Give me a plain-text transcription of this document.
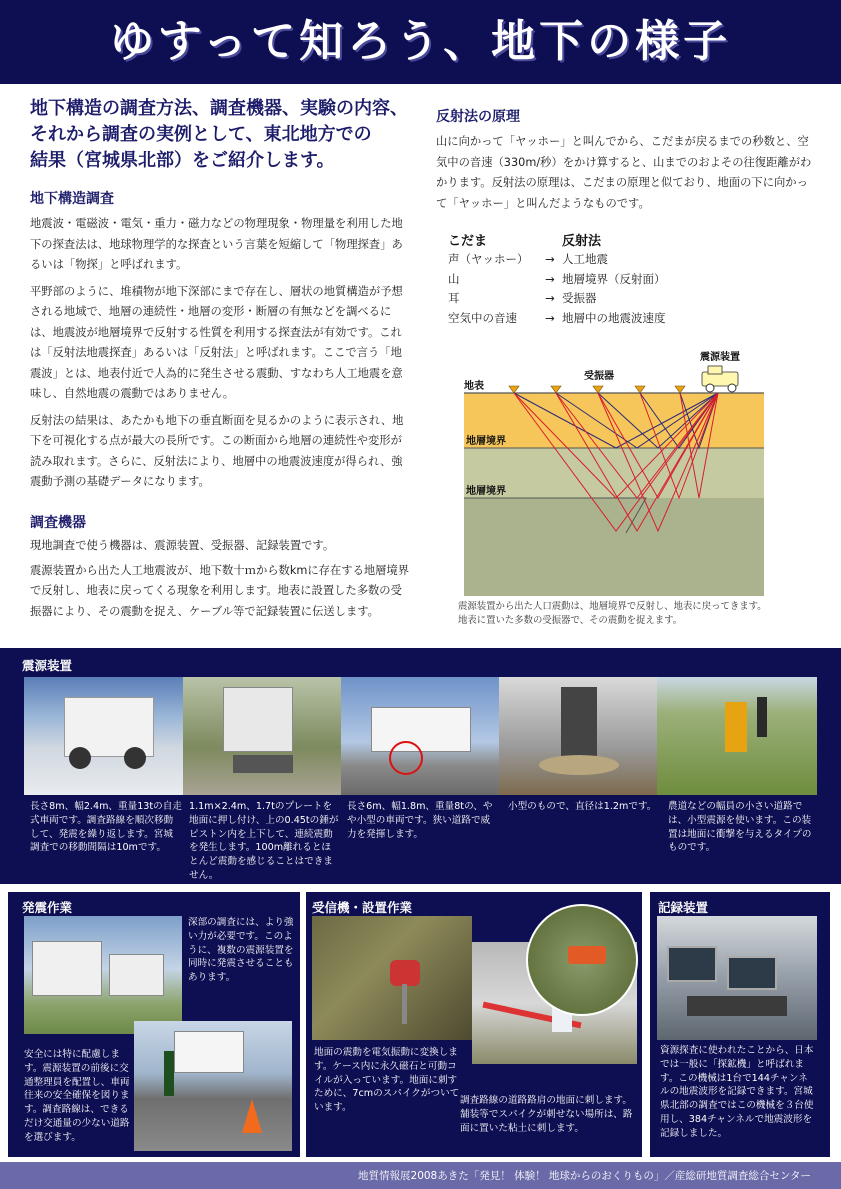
ゆすって知ろう、地下の様子
地下構造の調査方法、調査機器、実験の内容、
それから調査の実例として、東北地方での
結果（宮城県北部）をご紹介します。
地下構造調査

地震波・電磁波・電気・重力・磁力などの物理現象・物理量を利用した地下の探査法は、地球物理学的な探査という言葉を短縮して「物理探査」あるいは「物探」と呼ばれます。

平野部のように、堆積物が地下深部にまで存在し、層状の地質構造が予想される地域で、地層の連続性・地層の変形・断層の有無などを調べるには、地震波が地層境界で反射する性質を利用する探査法が有効です。これは「反射法地震探査」あるいは「反射法」と呼ばれます。ここで言う「地震波」とは、地表付近で人為的に発生させる震動、すなわち人工地震を意味し、自然地震の震動ではありません。

反射法の結果は、あたかも地下の垂直断面を見るかのように表示され、地下を可視化する点が最大の長所です。この断面から地層の連続性や変形が読み取れます。さらに、反射法により、地層中の地震波速度が得られ、強震動予測の基礎データになります。

調査機器

現地調査で使う機器は、震源装置、受振器、記録装置です。

震源装置から出た人工地震波が、地下数十ｍから数kmに存在する地層境界で反射し、地表に戻ってくる現象を利用します。地表に設置した多数の受振器により、その震動を捉え、ケーブル等で記録装置に伝送します。

反射法の原理

山に向かって「ヤッホー」と叫んでから、こだまが戻るまでの秒数と、空気中の音速（330m/秒）をかけ算すると、山までのおよその往復距離がわかります。反射法の原理は、こだまの原理と似ており、地面の下に向かって「ヤッホー」と叫んだようなものです。

こだま	反射法
声（ヤッホー）	→ 人工地震
山	→ 地層境界（反射面）
耳	→ 受振器
空気中の音速	→ 地層中の地震波速度
地表
受振器
震源装置
地層境界
地層境界
震源装置から出た人口震動は、地層境界で反射し、地表に戻ってきます。
地表に置いた多数の受振器で、その震動を捉えます。
震源装置
長さ8m、幅2.4m、重量13tの自走式車両です。調査路線を順次移動して、発震を繰り返します。宮城調査での移動間隔は10mです。
1.1m×2.4m、1.7tのプレートを地面に押し付け、上の0.45tの錘がピストン内を上下して、連続震動を発生します。100m離れるとほとんど震動を感じることはできません。
長さ6m、幅1.8m、重量8tの、やや小型の車両です。狭い道路で威力を発揮します。
小型のもので、直径は1.2mです。 農道などの幅員の小さい道路では、小型震源を使います。この装置は地面に衝撃を与えるタイプのものです。
発震作業
深部の調査には、より強い力が必要です。このように、複数の震源装置を同時に発震させることもあります。
安全には特に配慮します。震源装置の前後に交通整理員を配置し、車両往来の安全確保を図ります。調査路線は、できるだけ交通量の少ない道路を選びます。
受信機・設置作業
地面の震動を電気振動に変換します。ケース内に永久磁石と可動コイルが入っています。地面に刺すために、7cmのスパイクがついています。
調査路線の道路路肩の地面に刺します。舗装等でスパイクが刺せない場所は、路面に置いた粘土に刺します。
記録装置
資源探査に使われたことから、日本では一般に「探鉱機」と呼ばれます。この機械は1台で144チャンネルの地震波形を記録できます。宮城県北部の調査ではこの機械を３台使用し、384チャンネルで地震波形を記録しました。
地質情報展2008あきた「発見！ 体験！ 地球からのおくりもの」／産総研地質調査総合センター
